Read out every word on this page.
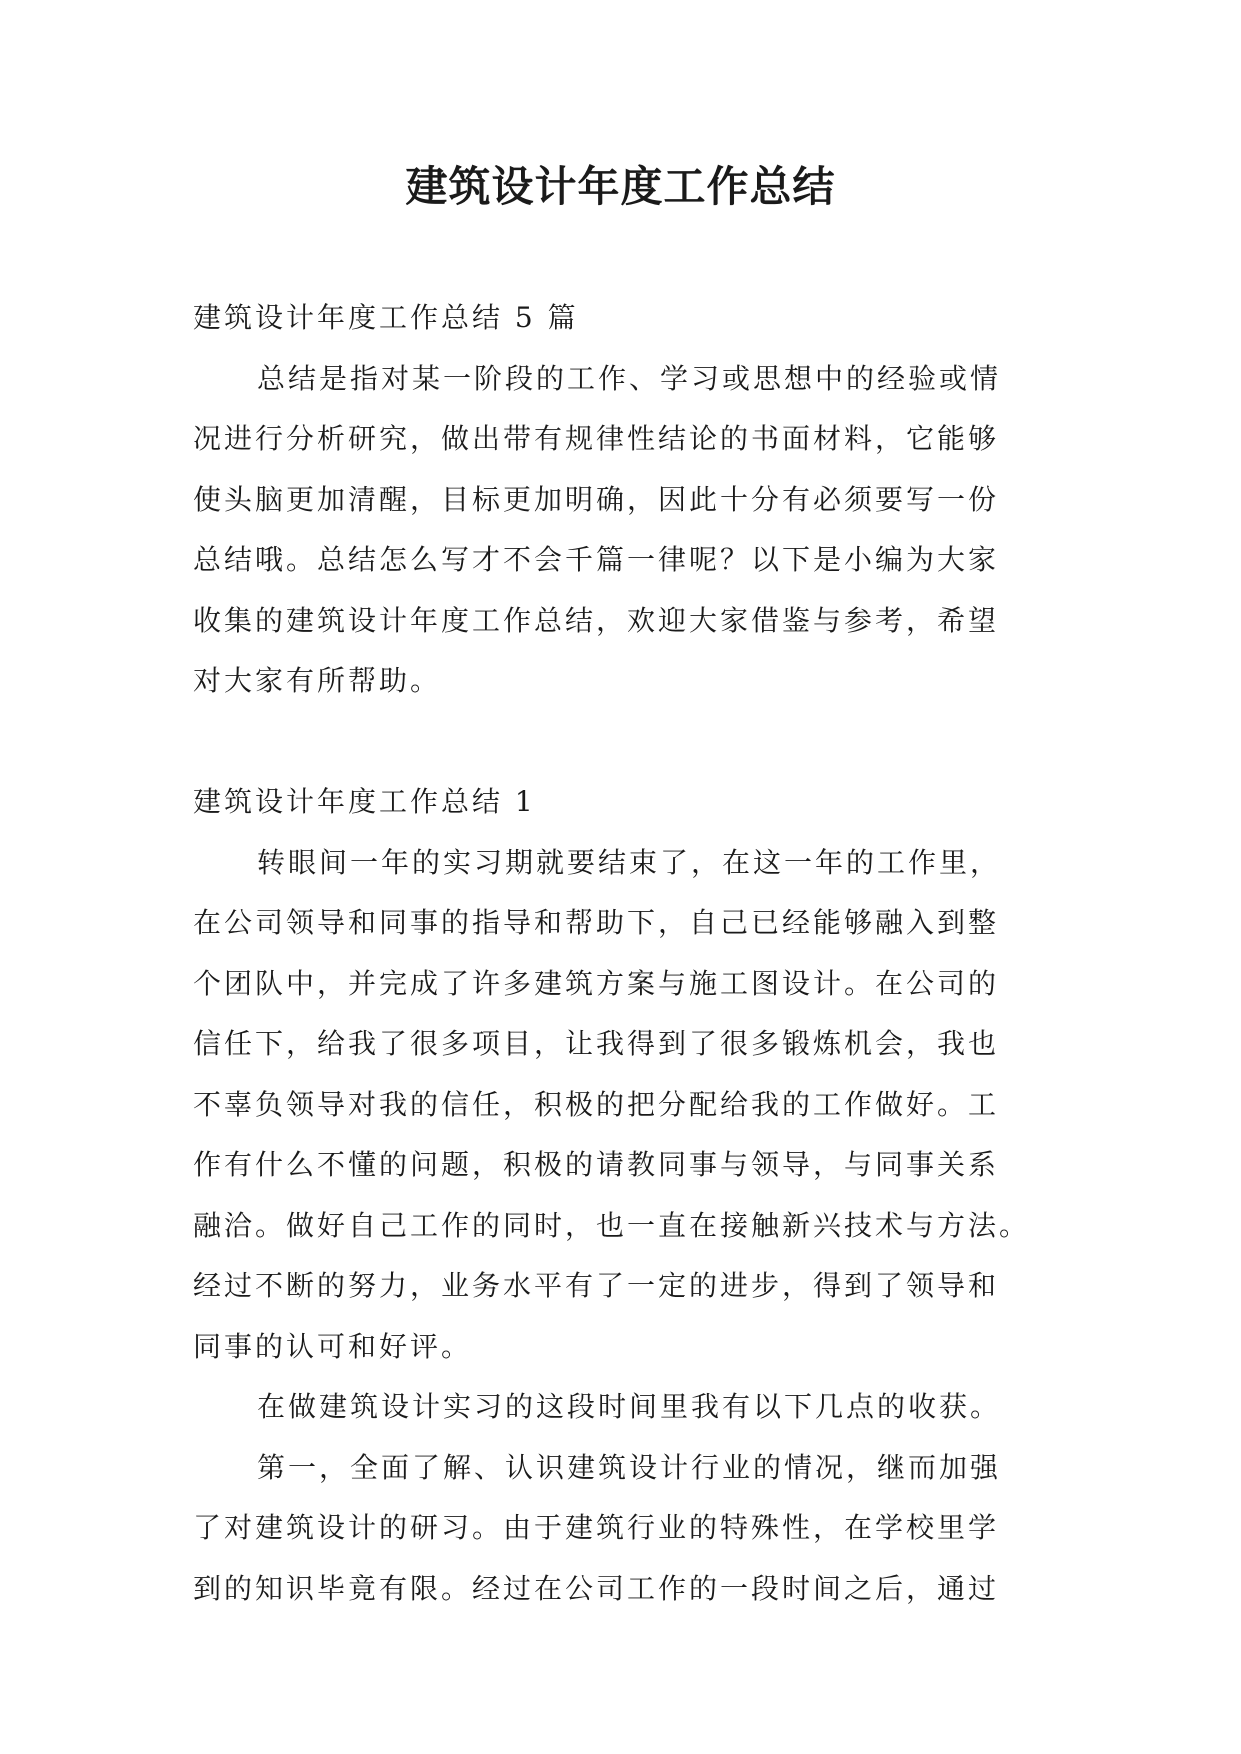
建筑设计年度工作总结

建筑设计年度工作总结 5 篇

总结是指对某一阶段的工作、学习或思想中的经验或情
况进行分析研究，做出带有规律性结论的书面材料，它能够
使头脑更加清醒，目标更加明确，因此十分有必须要写一份
总结哦。总结怎么写才不会千篇一律呢？以下是小编为大家
收集的建筑设计年度工作总结，欢迎大家借鉴与参考，希望
对大家有所帮助。

建筑设计年度工作总结 1

转眼间一年的实习期就要结束了，在这一年的工作里，
在公司领导和同事的指导和帮助下，自己已经能够融入到整
个团队中，并完成了许多建筑方案与施工图设计。在公司的
信任下，给我了很多项目，让我得到了很多锻炼机会，我也
不辜负领导对我的信任，积极的把分配给我的工作做好。工
作有什么不懂的问题，积极的请教同事与领导，与同事关系
融洽。做好自己工作的同时，也一直在接触新兴技术与方法。
经过不断的努力，业务水平有了一定的进步，得到了领导和
同事的认可和好评。

在做建筑设计实习的这段时间里我有以下几点的收获。

第一，全面了解、认识建筑设计行业的情况，继而加强
了对建筑设计的研习。由于建筑行业的特殊性，在学校里学
到的知识毕竟有限。经过在公司工作的一段时间之后，通过
